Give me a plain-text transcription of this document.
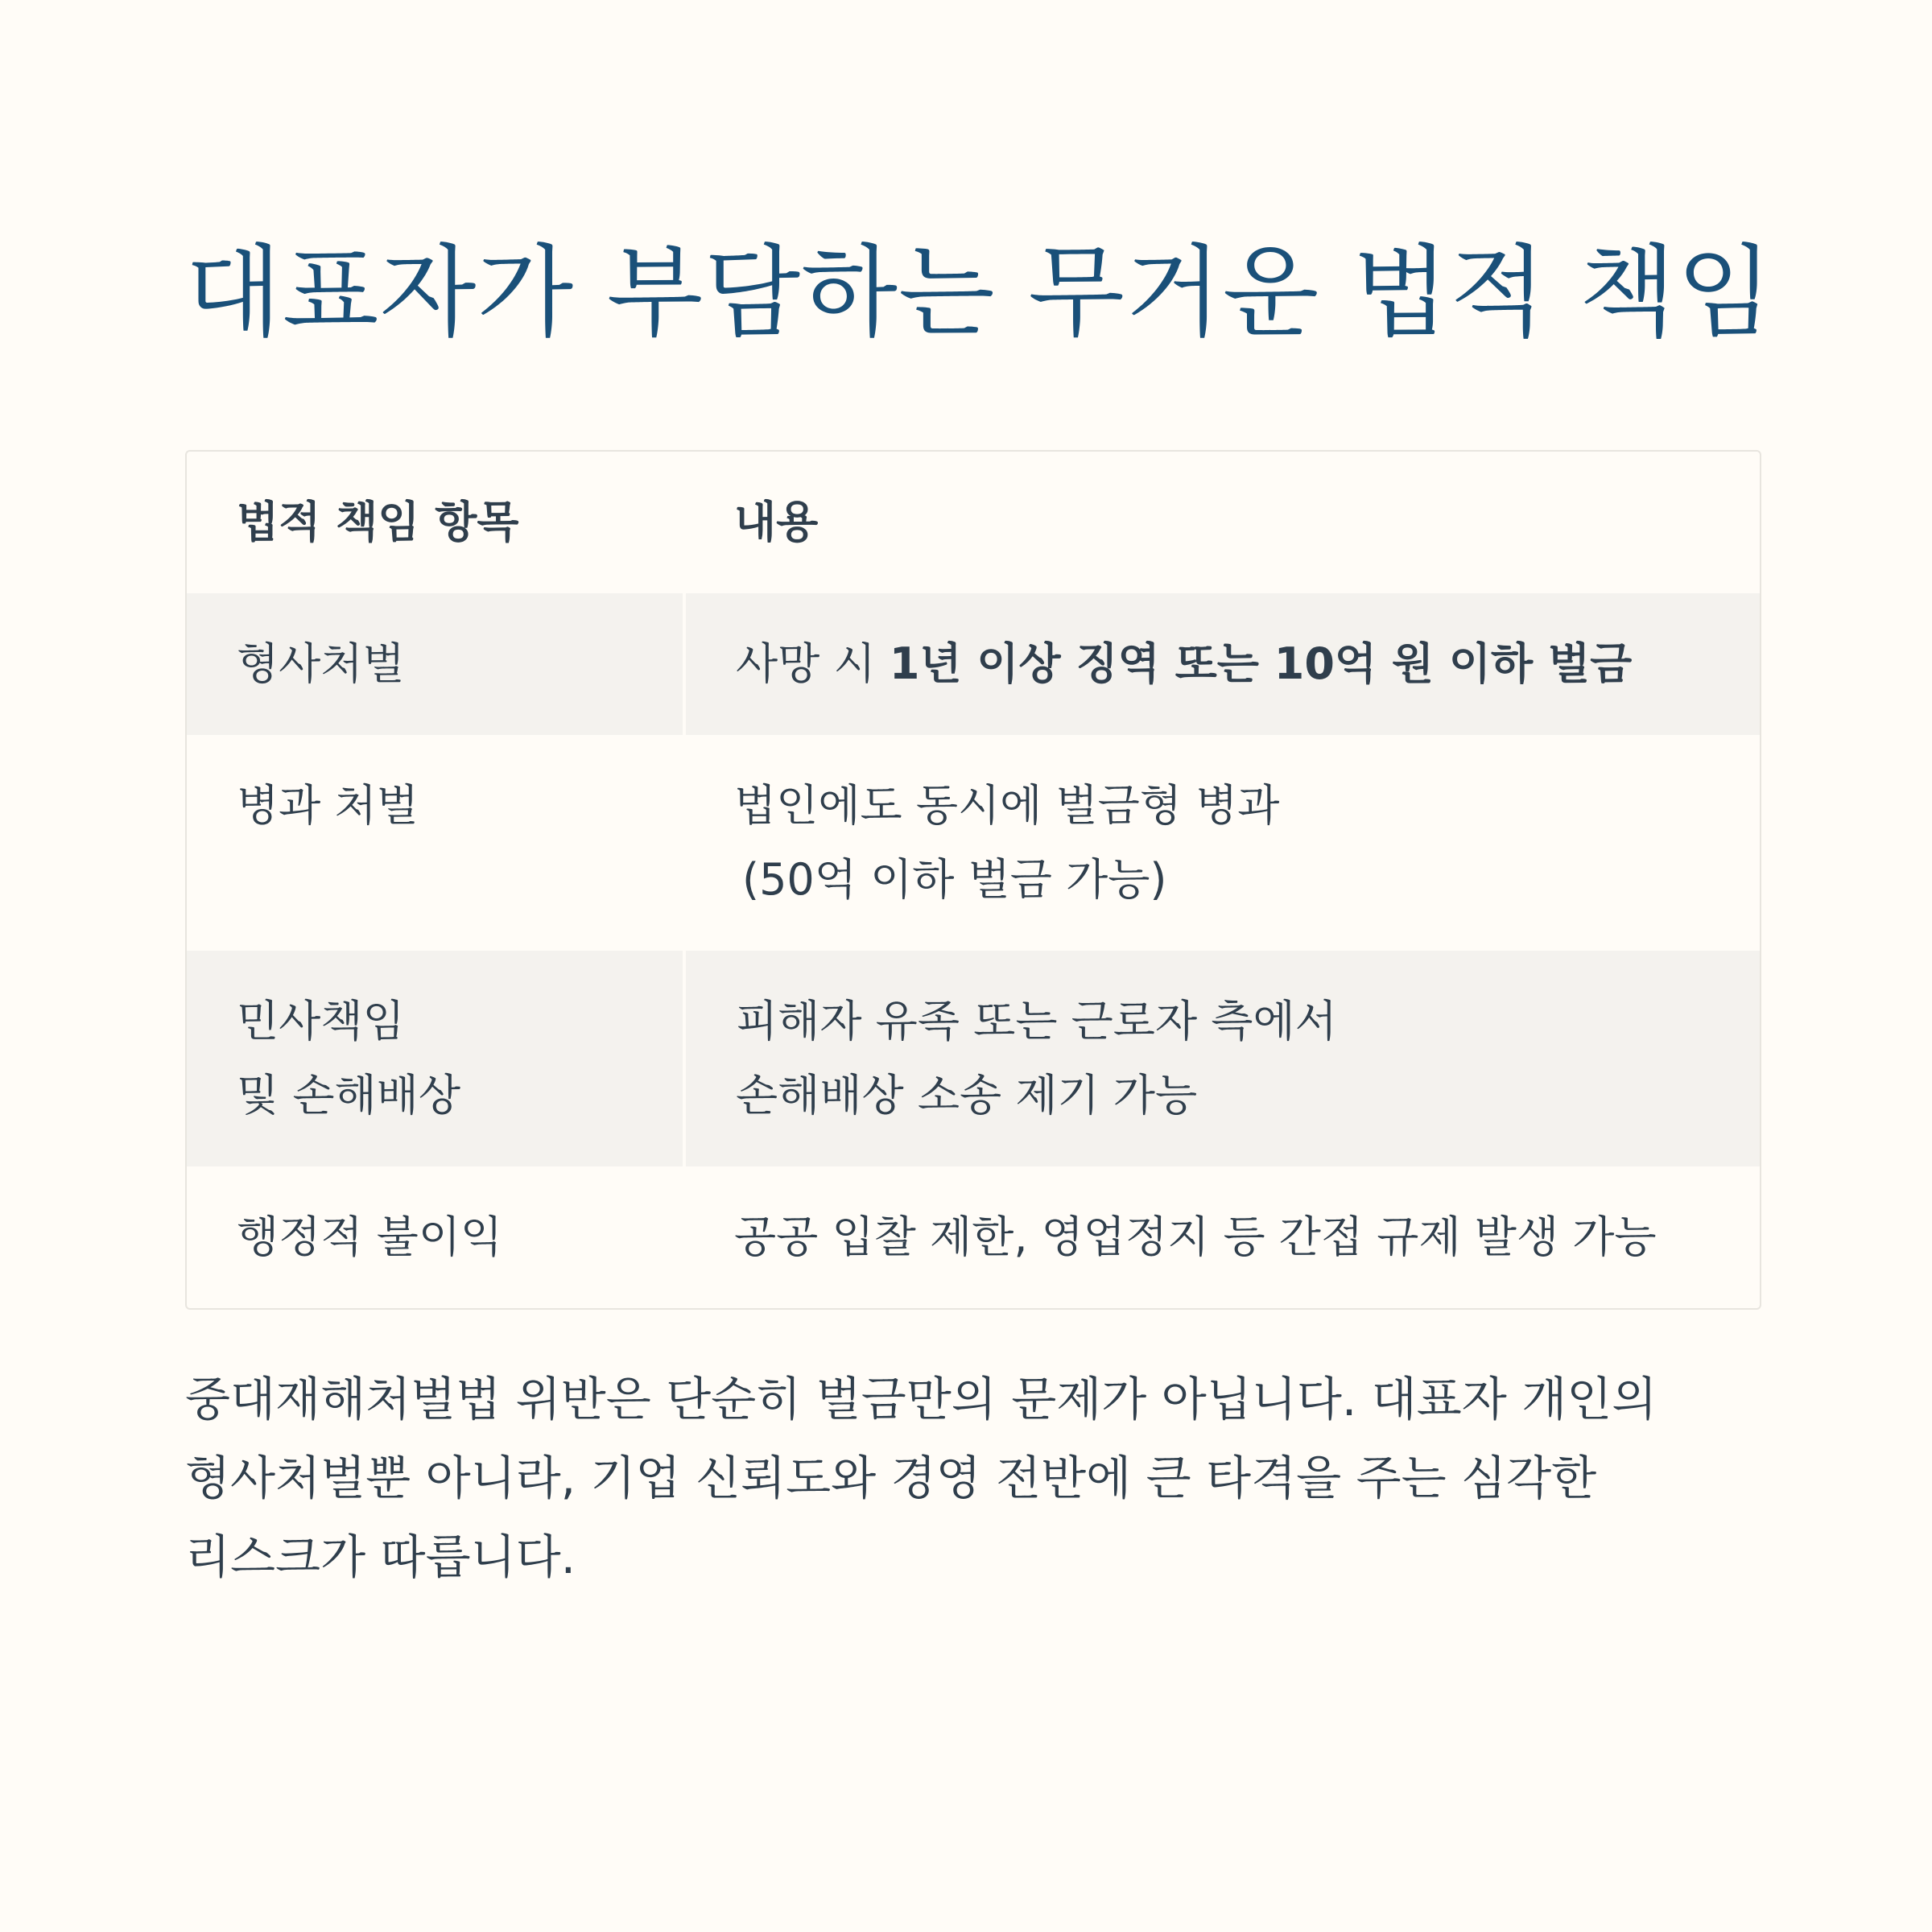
대표자가 부담하는 무거운 법적 책임
법적 책임 항목	내용

형사처벌	사망 시 1년 이상 징역 또는 10억 원 이하 벌금

병과 처벌	법인에도 동시에 벌금형 병과
(50억 이하 벌금 가능)

민사책임
및 손해배상	피해자 유족 또는 근로자 측에서
손해배상 소송 제기 가능

행정적 불이익	공공 입찰 제한, 영업정지 등 간접 규제 발생 가능

중대재해처벌법 위반은 단순히 벌금만의 문제가 아닙니다. 대표자 개인의 형사처벌뿐 아니라, 기업 신뢰도와 경영 전반에 큰 타격을 주는 심각한 리스크가 따릅니다.
